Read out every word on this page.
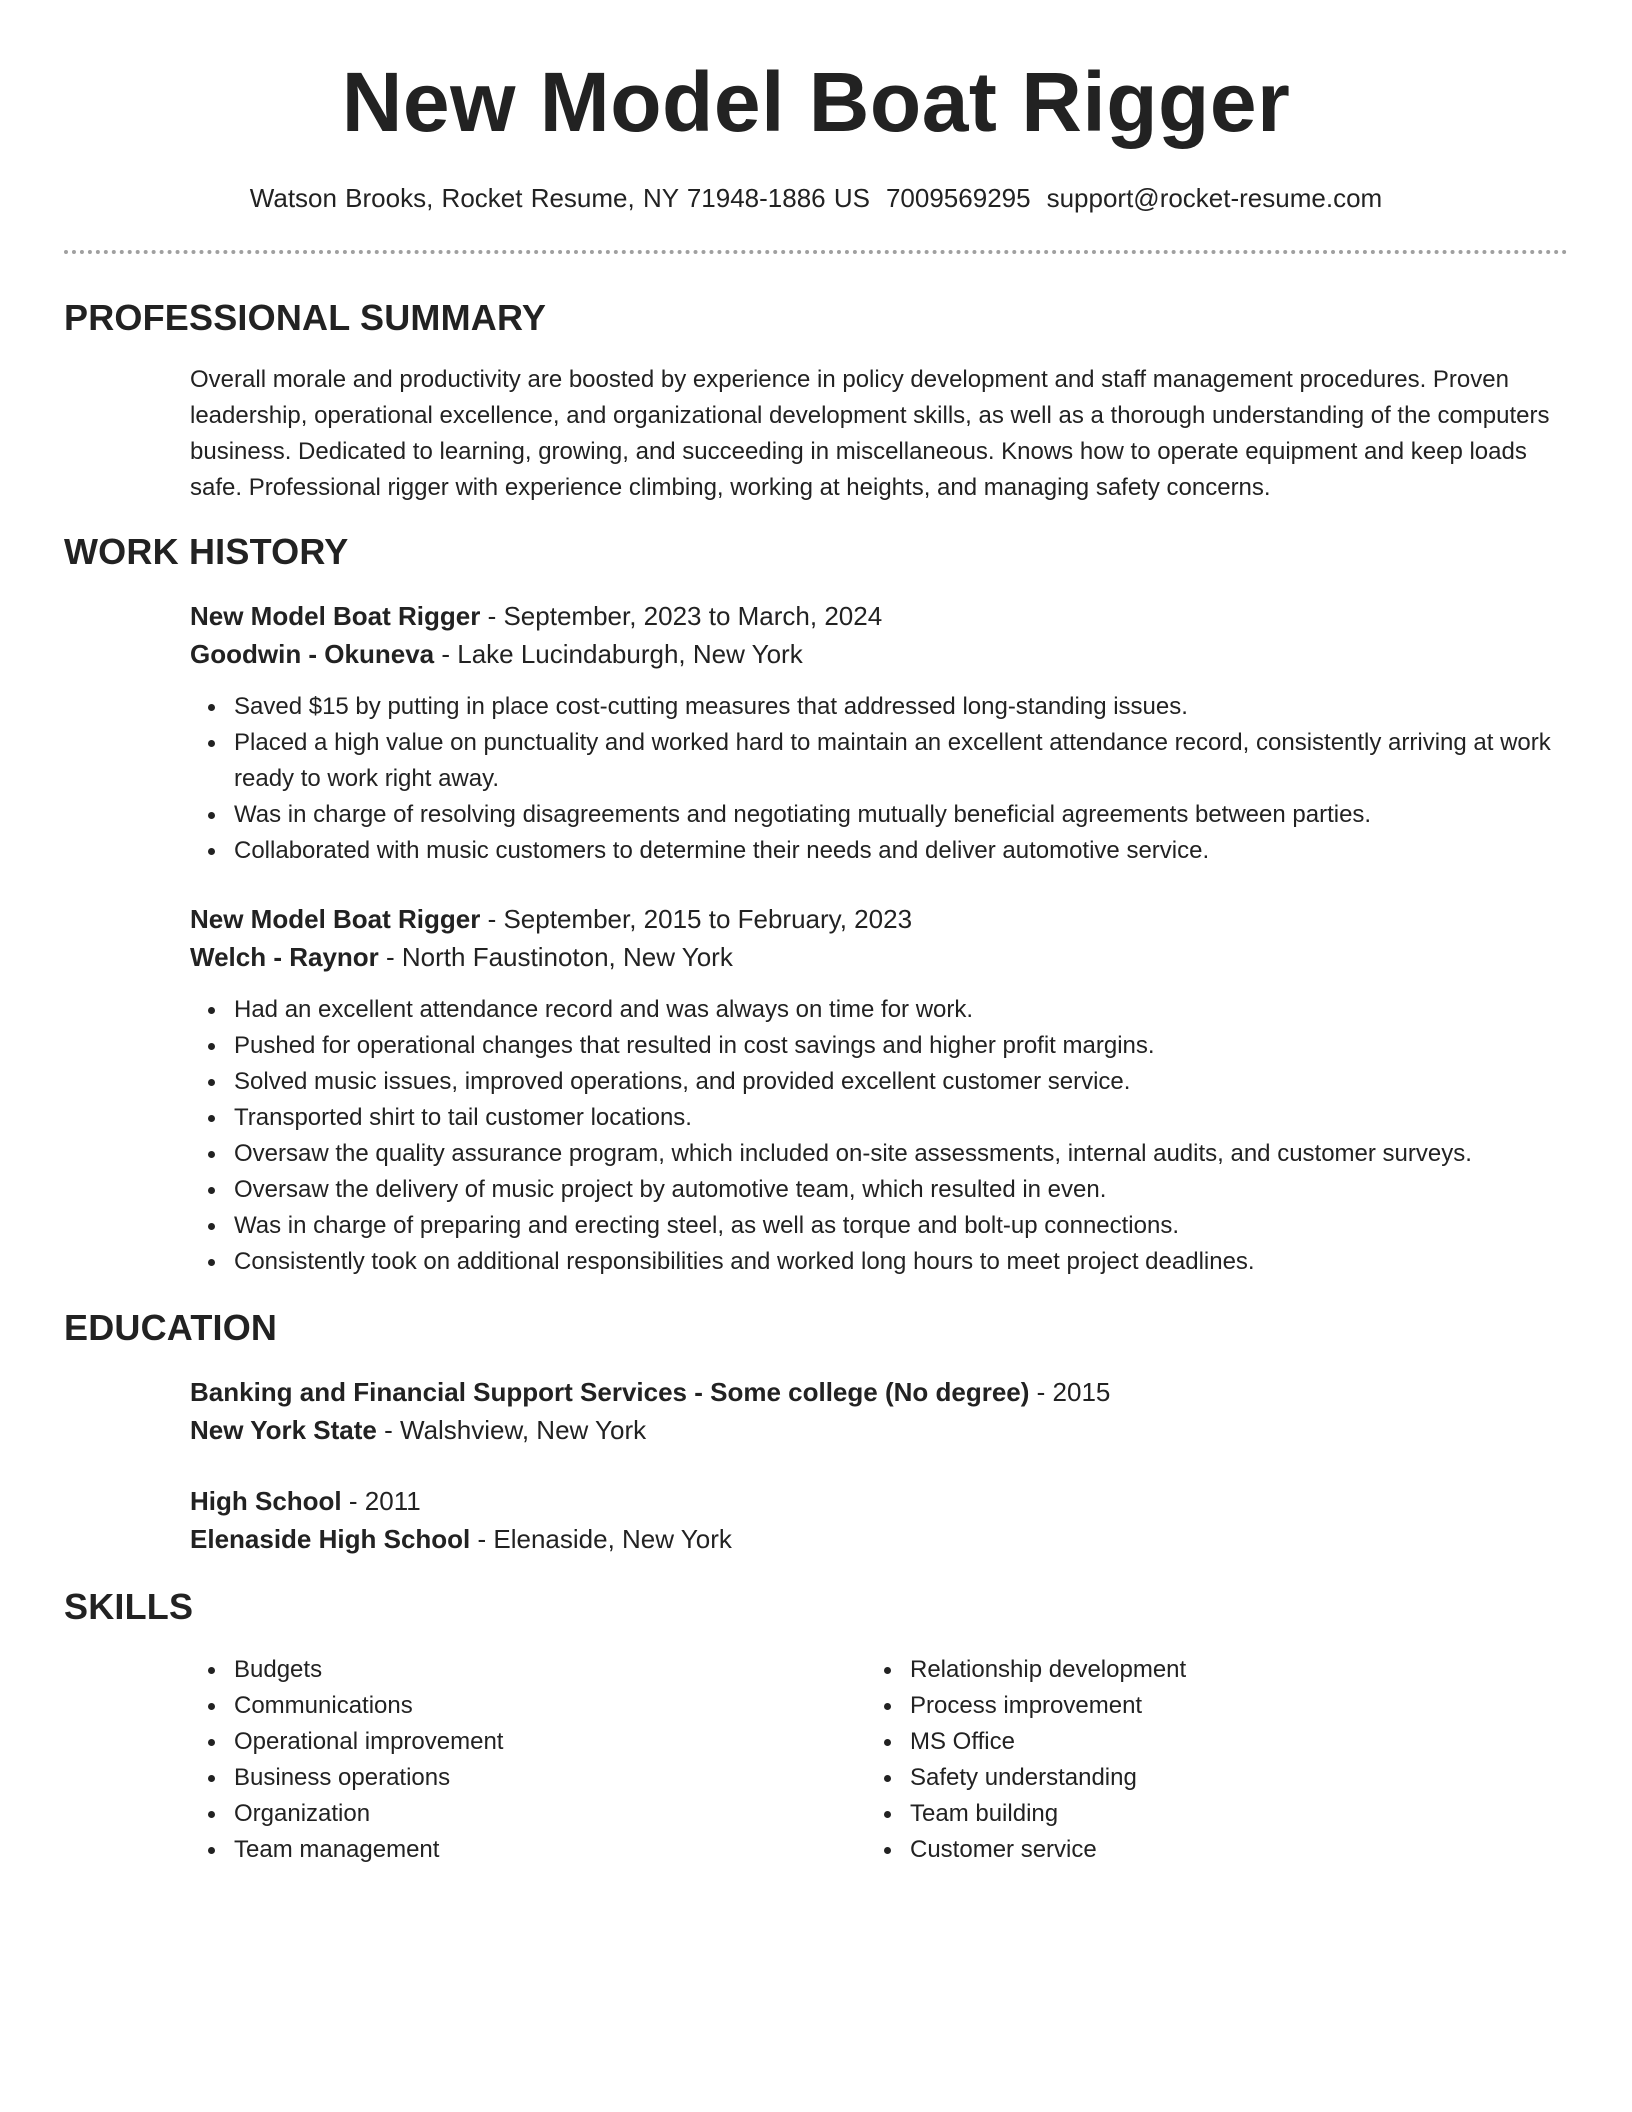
New Model Boat Rigger
Watson Brooks, Rocket Resume, NY 71948-1886 US 7009569295 support@rocket-resume.com
PROFESSIONAL SUMMARY
Overall morale and productivity are boosted by experience in policy development and staff management procedures. Proven leadership, operational excellence, and organizational development skills, as well as a thorough understanding of the computers business. Dedicated to learning, growing, and succeeding in miscellaneous. Knows how to operate equipment and keep loads safe. Professional rigger with experience climbing, working at heights, and managing safety concerns.
WORK HISTORY
New Model Boat Rigger - September, 2023 to March, 2024
Goodwin - Okuneva - Lake Lucindaburgh, New York
Saved $15 by putting in place cost-cutting measures that addressed long-standing issues.
Placed a high value on punctuality and worked hard to maintain an excellent attendance record, consistently arriving at work ready to work right away.
Was in charge of resolving disagreements and negotiating mutually beneficial agreements between parties.
Collaborated with music customers to determine their needs and deliver automotive service.
New Model Boat Rigger - September, 2015 to February, 2023
Welch - Raynor - North Faustinoton, New York
Had an excellent attendance record and was always on time for work.
Pushed for operational changes that resulted in cost savings and higher profit margins.
Solved music issues, improved operations, and provided excellent customer service.
Transported shirt to tail customer locations.
Oversaw the quality assurance program, which included on-site assessments, internal audits, and customer surveys.
Oversaw the delivery of music project by automotive team, which resulted in even.
Was in charge of preparing and erecting steel, as well as torque and bolt-up connections.
Consistently took on additional responsibilities and worked long hours to meet project deadlines.
EDUCATION
Banking and Financial Support Services - Some college (No degree) - 2015
New York State - Walshview, New York
High School - 2011
Elenaside High School - Elenaside, New York
SKILLS
Budgets
Communications
Operational improvement
Business operations
Organization
Team management
Relationship development
Process improvement
MS Office
Safety understanding
Team building
Customer service
